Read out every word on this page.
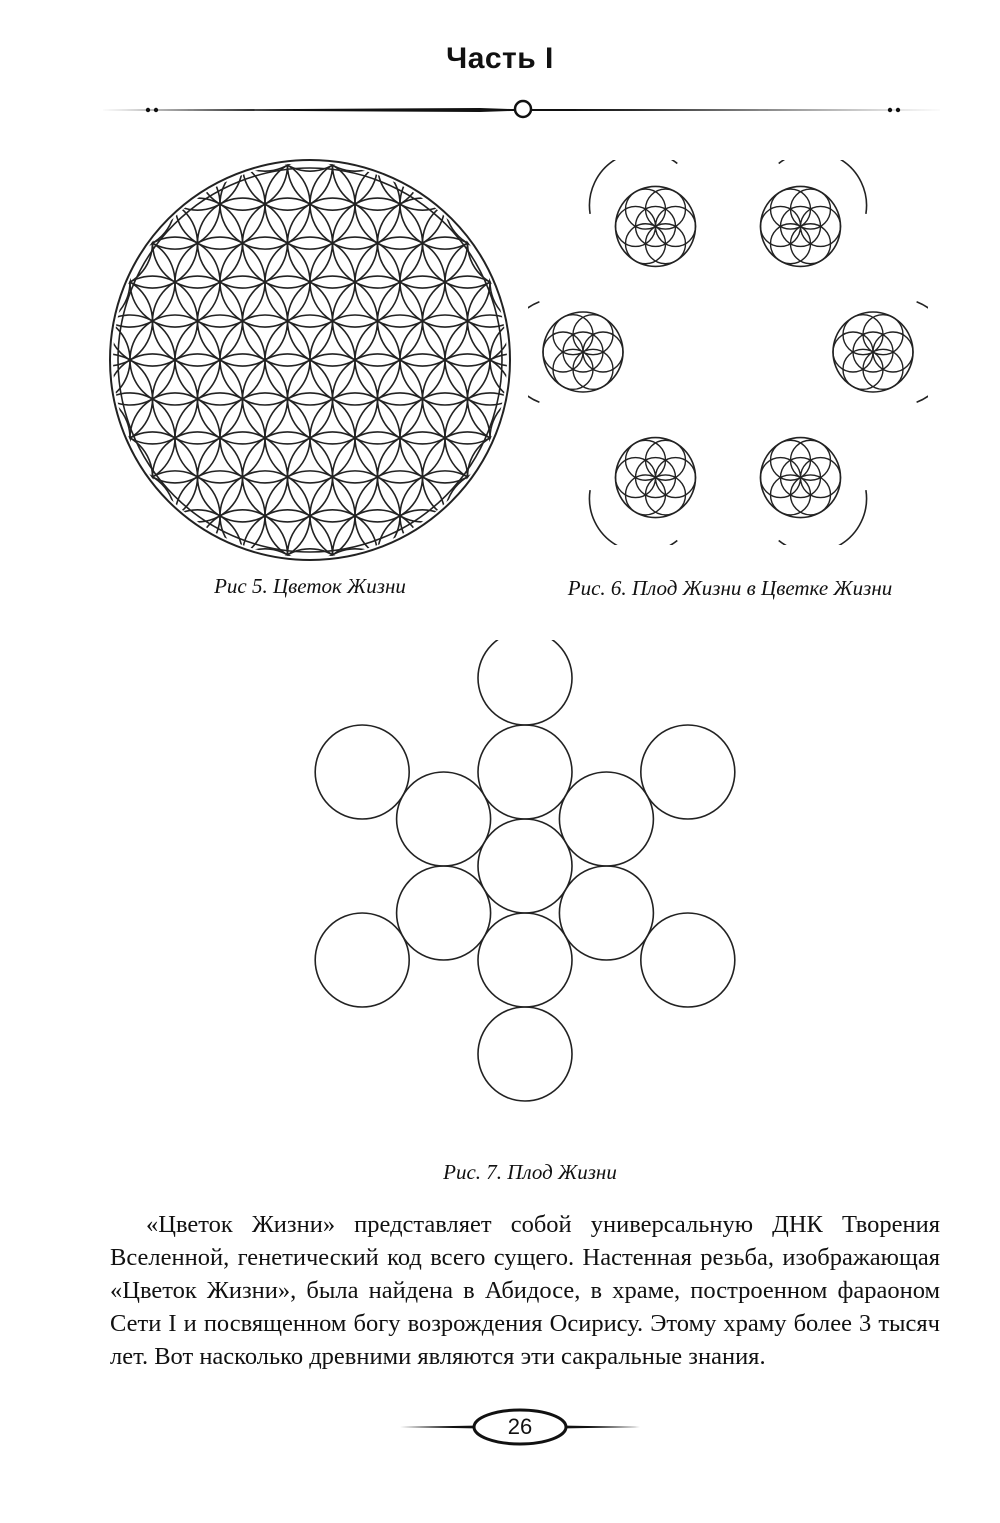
Часть I
Рис 5. Цветок Жизни	Рис. 6. Плод Жизни в Цветке Жизни
Рис. 7. Плод Жизни

«Цветок Жизни» представляет собой универсальную ДНК Творения Вселенной, генетический код всего сущего. Настенная резьба, изображающая «Цветок Жизни», была найдена в Абидосе, в храме, построенном фараоном Сети I и посвященном богу возрождения Осирису. Этому храму более 3 тысяч лет. Вот насколько древними являются эти сакральные знания.

26
